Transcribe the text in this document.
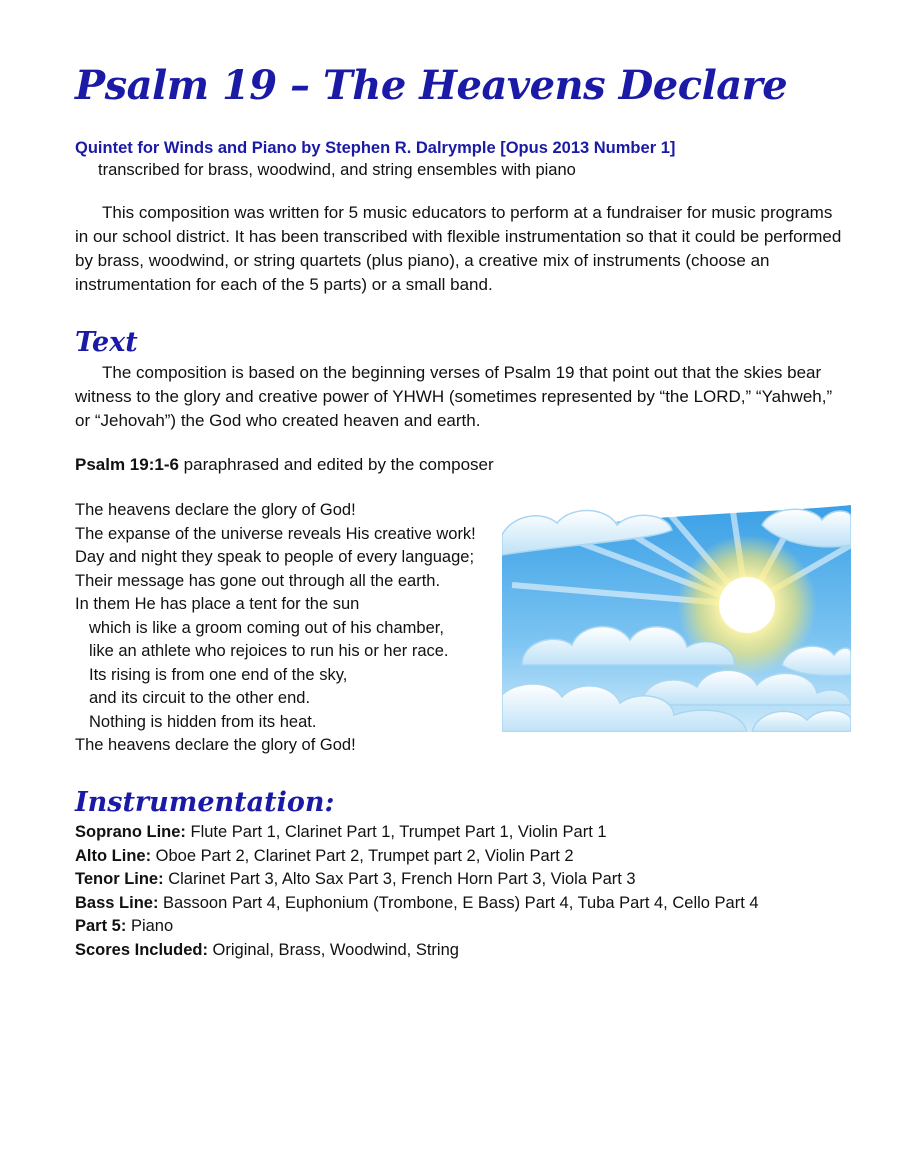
Psalm 19 – The Heavens Declare
Quintet for Winds and Piano by Stephen R. Dalrymple [Opus 2013 Number 1]
transcribed for brass, woodwind, and string ensembles with piano

This composition was written for 5 music educators to perform at a fundraiser for music programs in our school district. It has been transcribed with flexible instrumentation so that it could be performed by brass, woodwind, or string quartets (plus piano), a creative mix of instruments (choose an instrumentation for each of the 5 parts) or a small band.

Text

The composition is based on the beginning verses of Psalm 19 that point out that the skies bear witness to the glory and creative power of YHWH (sometimes represented by “the LORD,” “Yahweh,” or “Jehovah”) the God who created heaven and earth.

Psalm 19:1-6 paraphrased and edited by the composer
The heavens declare the glory of God!
The expanse of the universe reveals His creative work!
Day and night they speak to people of every language;
Their message has gone out through all the earth.
In them He has place a tent for the sun
which is like a groom coming out of his chamber,
like an athlete who rejoices to run his or her race.
Its rising is from one end of the sky,
and its circuit to the other end.
Nothing is hidden from its heat.
The heavens declare the glory of God!
Instrumentation:
Soprano Line: Flute Part 1, Clarinet Part 1, Trumpet Part 1, Violin Part 1
Alto Line: Oboe Part 2, Clarinet Part 2, Trumpet part 2, Violin Part 2
Tenor Line: Clarinet Part 3, Alto Sax Part 3, French Horn Part 3, Viola Part 3
Bass Line: Bassoon Part 4, Euphonium (Trombone, E Bass) Part 4, Tuba Part 4, Cello Part 4
Part 5: Piano
Scores Included: Original, Brass, Woodwind, String
